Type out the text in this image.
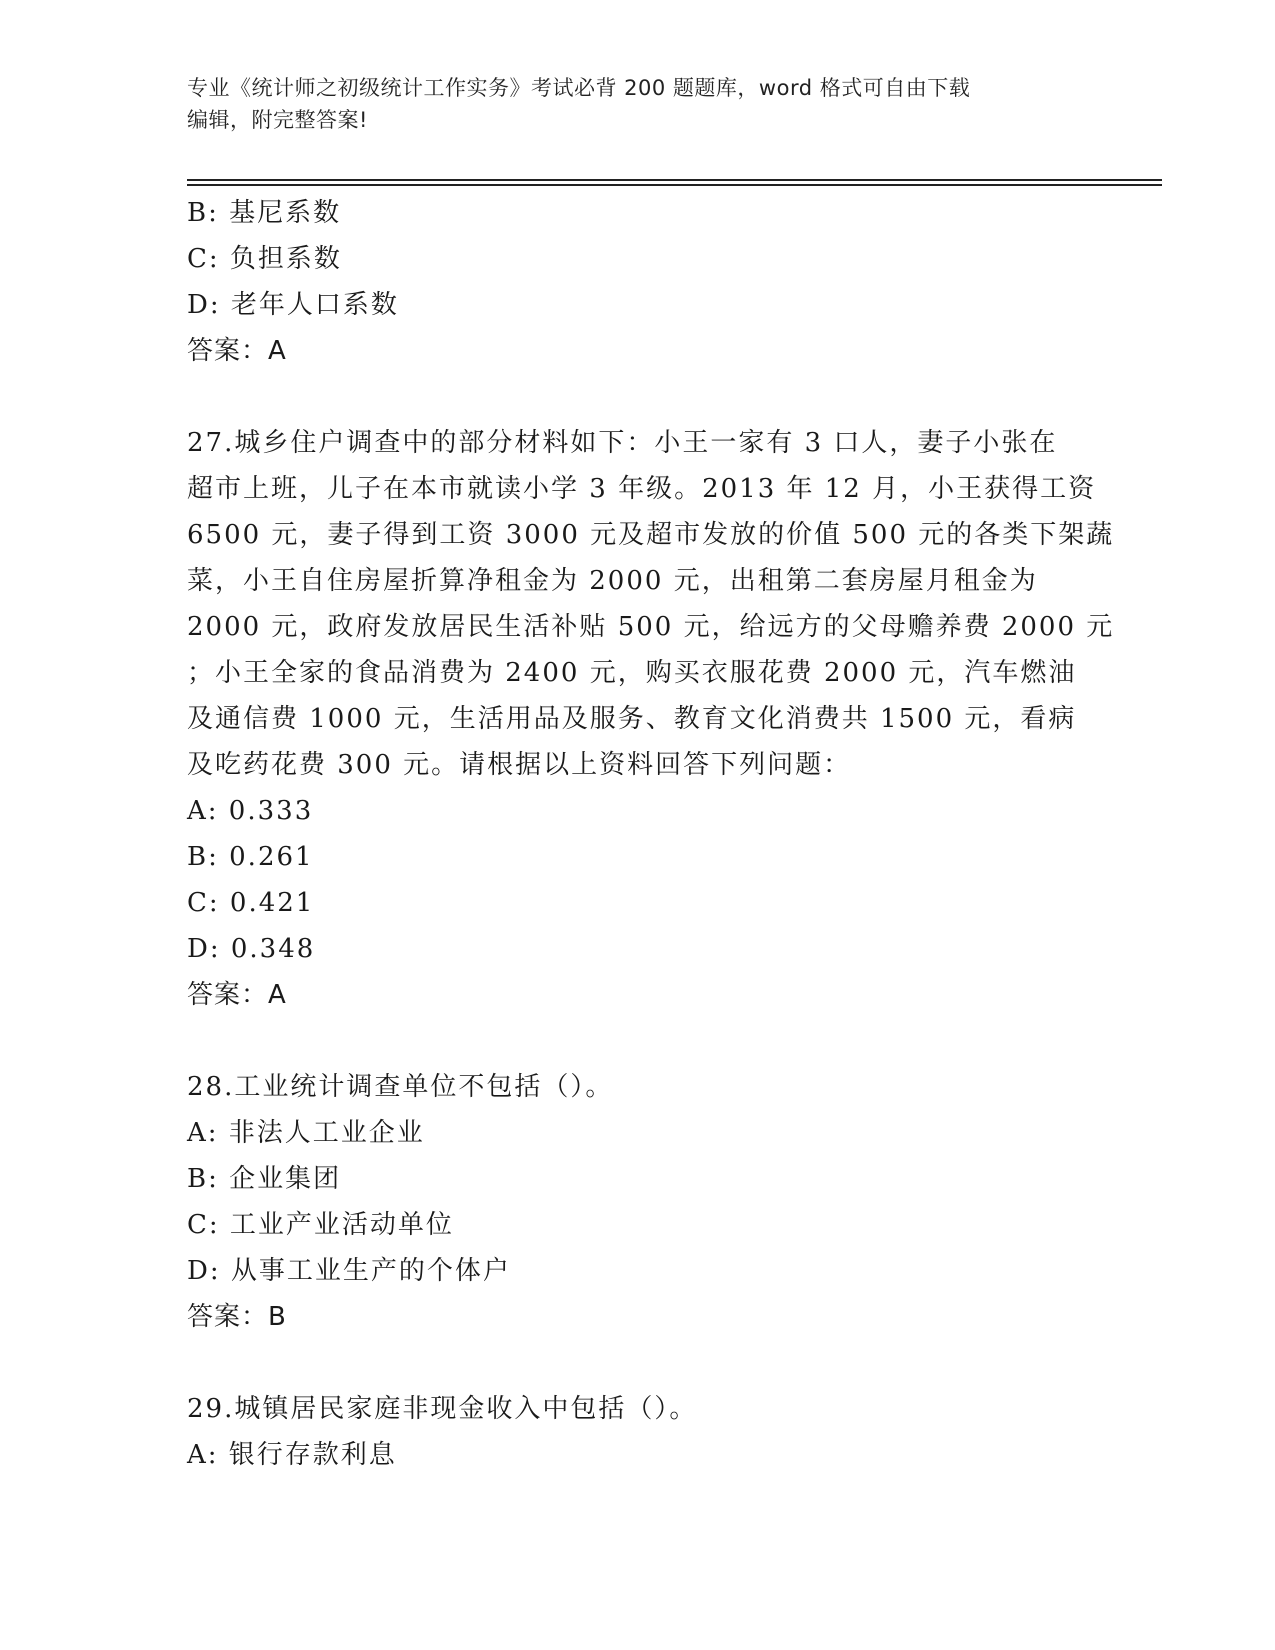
专业《统计师之初级统计工作实务》考试必背 200 题题库，word 格式可自由下载
编辑，附完整答案!
B: 基尼系数
C: 负担系数
D: 老年人口系数
答案：A
27.城乡住户调查中的部分材料如下：小王一家有 3 口人，妻子小张在
超市上班，儿子在本市就读小学 3 年级。2013 年 12 月，小王获得工资
6500 元，妻子得到工资 3000 元及超市发放的价值 500 元的各类下架蔬
菜，小王自住房屋折算净租金为 2000 元，出租第二套房屋月租金为
2000 元，政府发放居民生活补贴 500 元，给远方的父母赡养费 2000 元
；小王全家的食品消费为 2400 元，购买衣服花费 2000 元，汽车燃油
及通信费 1000 元，生活用品及服务、教育文化消费共 1500 元，看病
及吃药花费 300 元。请根据以上资料回答下列问题：
A: 0.333
B: 0.261
C: 0.421
D: 0.348
答案：A
28.工业统计调查单位不包括（）。
A: 非法人工业企业
B: 企业集团
C: 工业产业活动单位
D: 从事工业生产的个体户
答案：B
29.城镇居民家庭非现金收入中包括（）。
A: 银行存款利息
